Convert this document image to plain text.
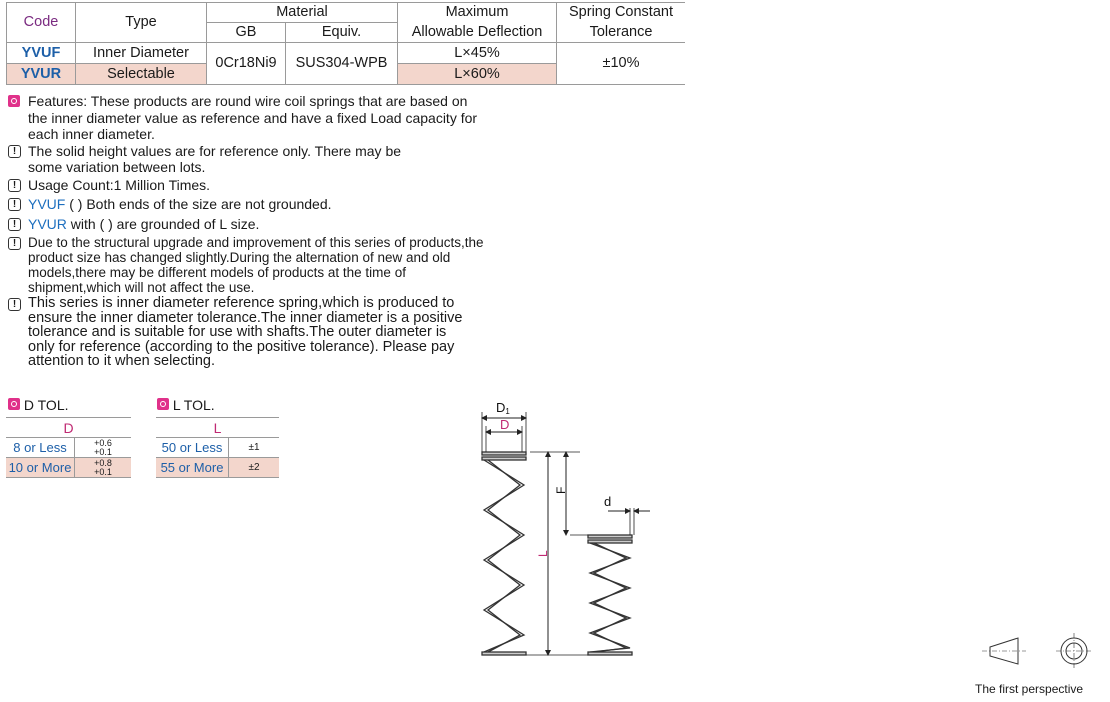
Code	Type	Material		Maximum	Spring Constant
		GB	Equiv.	Allowable Deflection	Tolerance
YVUF	Inner Diameter	0Cr18Ni9	SUS304-WPB	L×45%	±10%
YVUR	Selectable			L×60%	

Features: These products are round wire coil springs that are based on the inner diameter value as reference and have a fixed Load capacity for each inner diameter.

! The solid height values are for reference only. There may be some variation between lots.

! Usage Count:1 Million Times.

! YVUF ( ) Both ends of the size are not grounded.

! YVUR with ( ) are grounded of L size.

! Due to the structural upgrade and improvement of this series of products,the product size has changed slightly.During the alternation of new and old models,there may be different models of products at the time of shipment,which will not affect the use.

! This series is inner diameter reference spring,which is produced to ensure the inner diameter tolerance.The inner diameter is a positive tolerance and is suitable for use with shafts.The outer diameter is only for reference (according to the positive tolerance). Please pay attention to it when selecting.

D TOL.
D	
8 or Less	+0.6
+0.1

10 or More	+0.8
+0.1
L TOL.
L	
50 or Less	±1
55 or More	±2
D1
D
F
L
d
The first perspective
